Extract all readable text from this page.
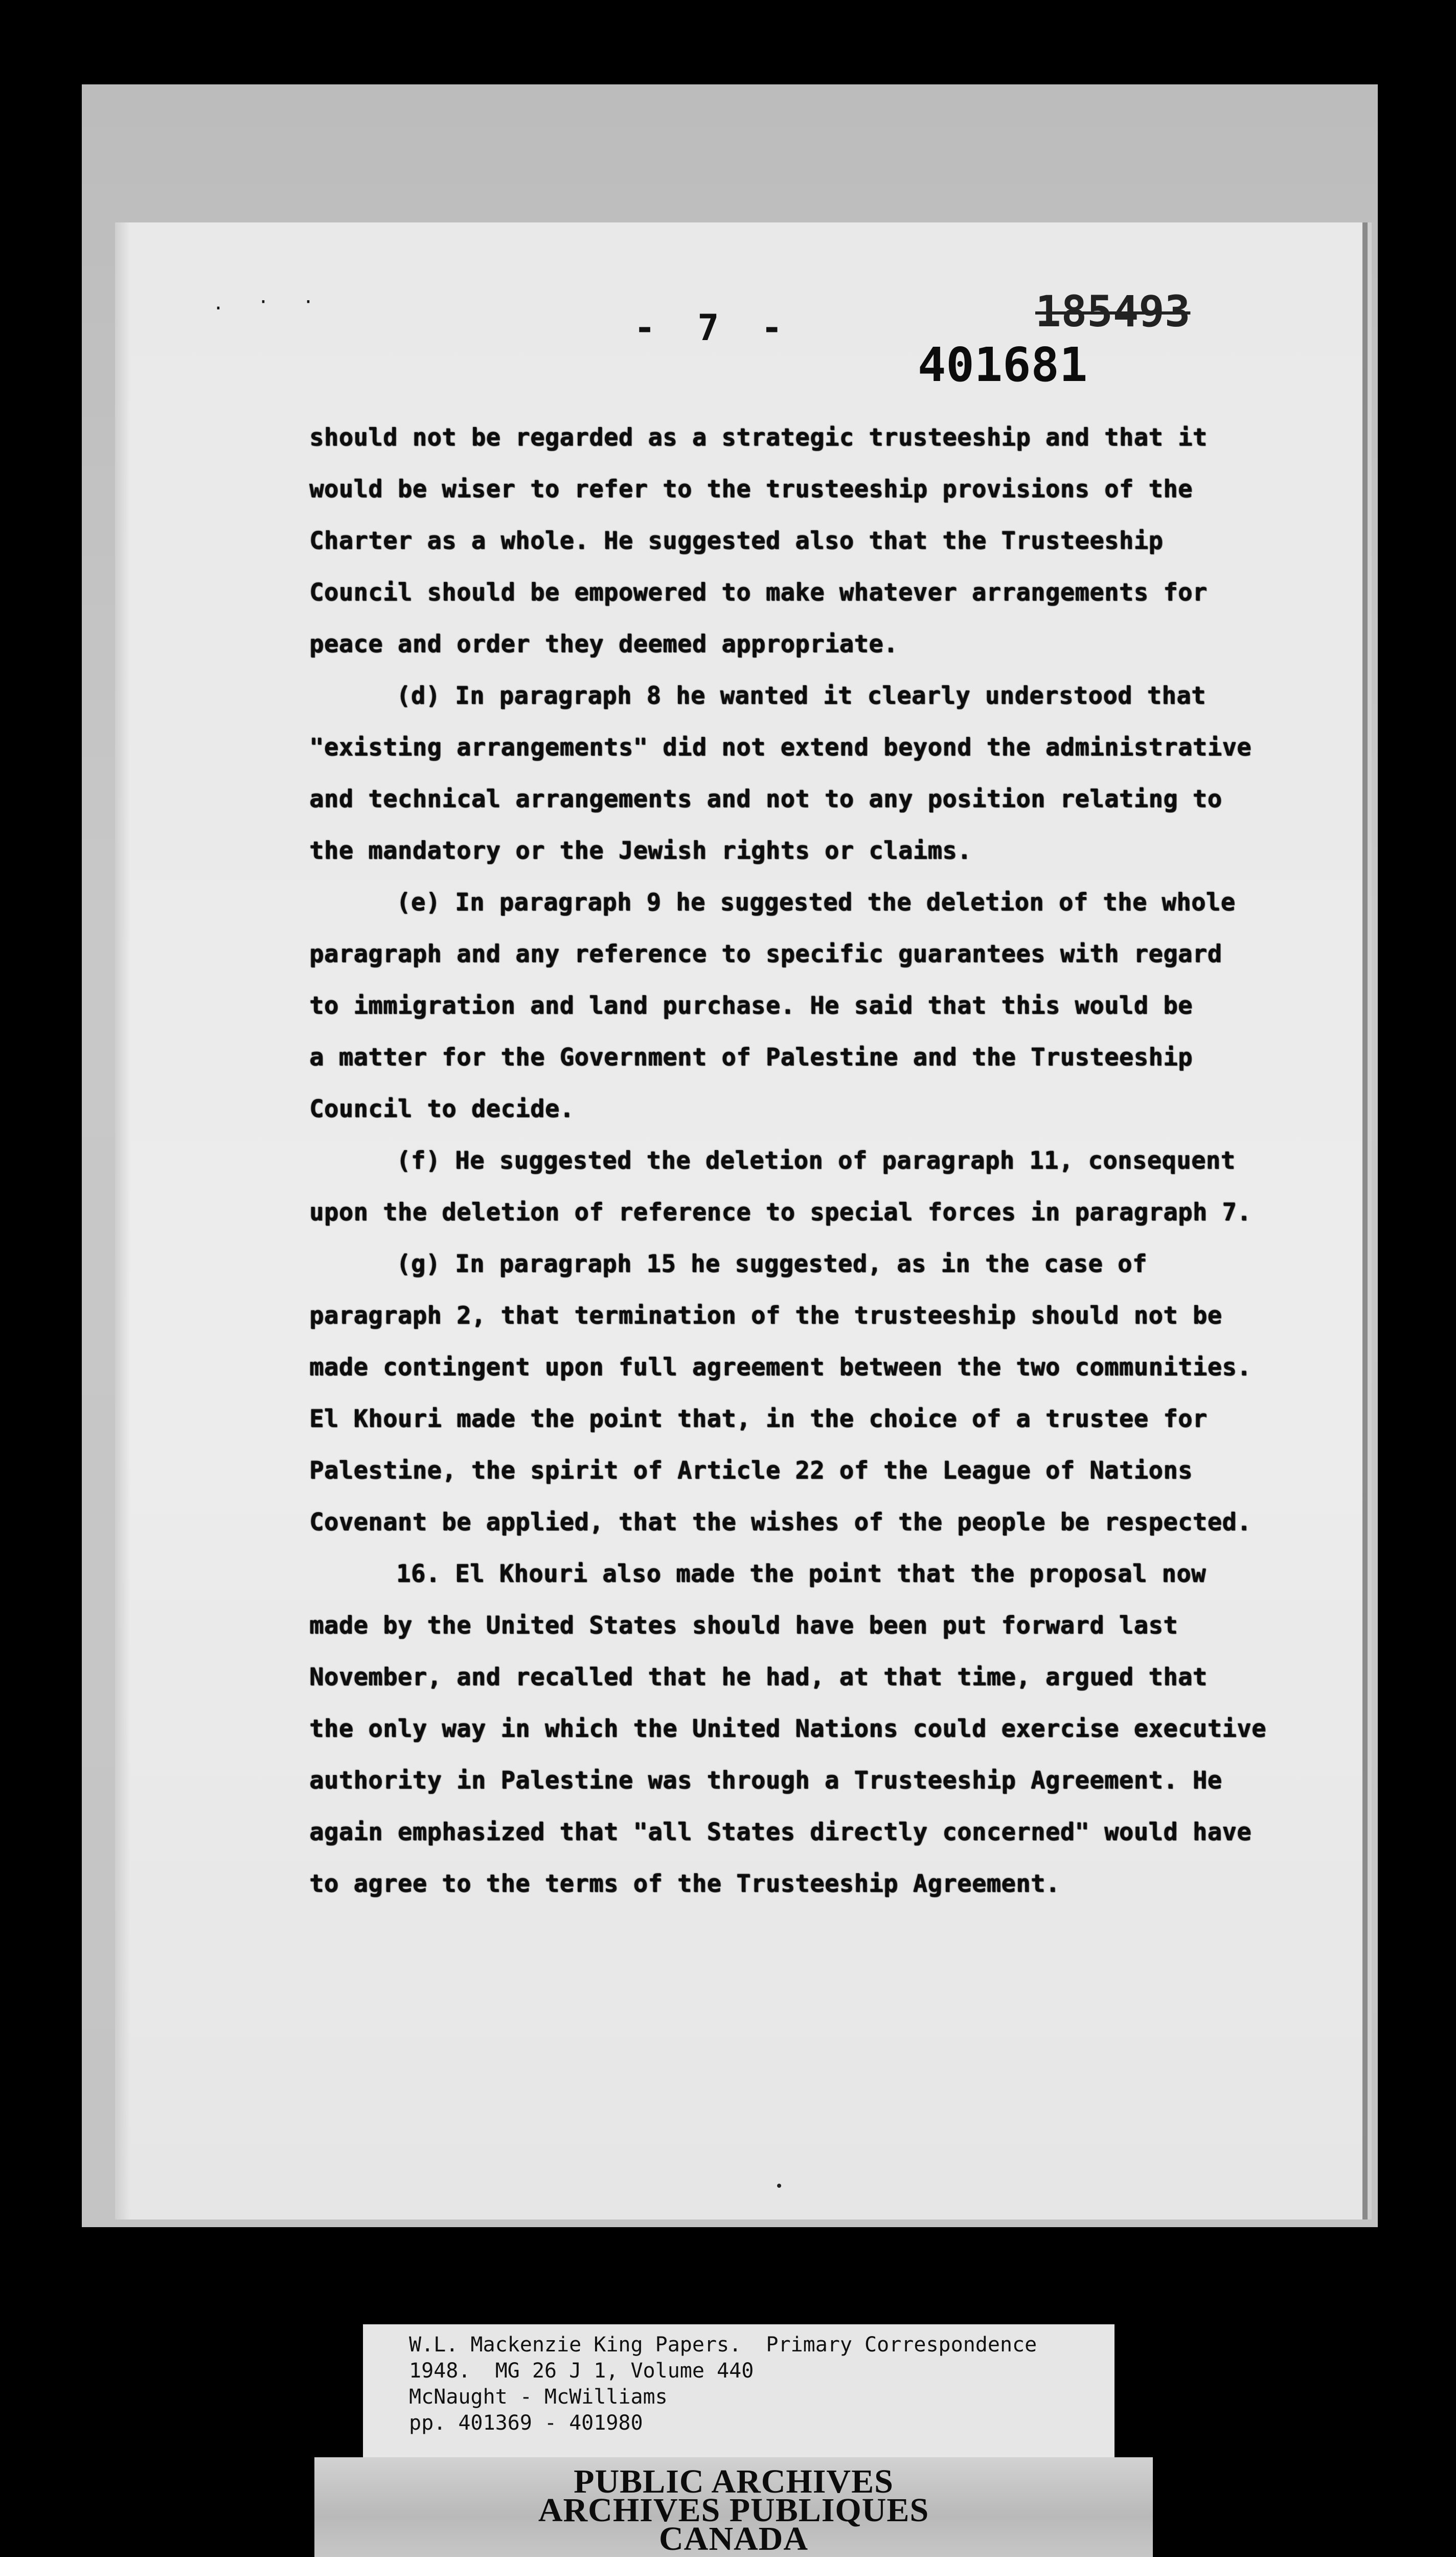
. · ·
- 7 -	185493
401681
should not be regarded as a strategic trusteeship and that it
would be wiser to refer to the trusteeship provisions of the
Charter as a whole. He suggested also that the Trusteeship
Council should be empowered to make whatever arrangements for
peace and order they deemed appropriate.
(d) In paragraph 8 he wanted it clearly understood that
"existing arrangements" did not extend beyond the administrative
and technical arrangements and not to any position relating to
the mandatory or the Jewish rights or claims.
(e) In paragraph 9 he suggested the deletion of the whole
paragraph and any reference to specific guarantees with regard
to immigration and land purchase. He said that this would be
a matter for the Government of Palestine and the Trusteeship
Council to decide.
(f) He suggested the deletion of paragraph 11, consequent
upon the deletion of reference to special forces in paragraph 7.
(g) In paragraph 15 he suggested, as in the case of
paragraph 2, that termination of the trusteeship should not be
made contingent upon full agreement between the two communities.
El Khouri made the point that, in the choice of a trustee for
Palestine, the spirit of Article 22 of the League of Nations
Covenant be applied, that the wishes of the people be respected.
16. El Khouri also made the point that the proposal now
made by the United States should have been put forward last
November, and recalled that he had, at that time, argued that
the only way in which the United Nations could exercise executive
authority in Palestine was through a Trusteeship Agreement. He
again emphasized that "all States directly concerned" would have
to agree to the terms of the Trusteeship Agreement.
W.L. Mackenzie King Papers.  Primary Correspondence
1948.  MG 26 J 1, Volume 440
McNaught - McWilliams
pp. 401369 - 401980
PUBLIC ARCHIVES
ARCHIVES PUBLIQUES
CANADA
